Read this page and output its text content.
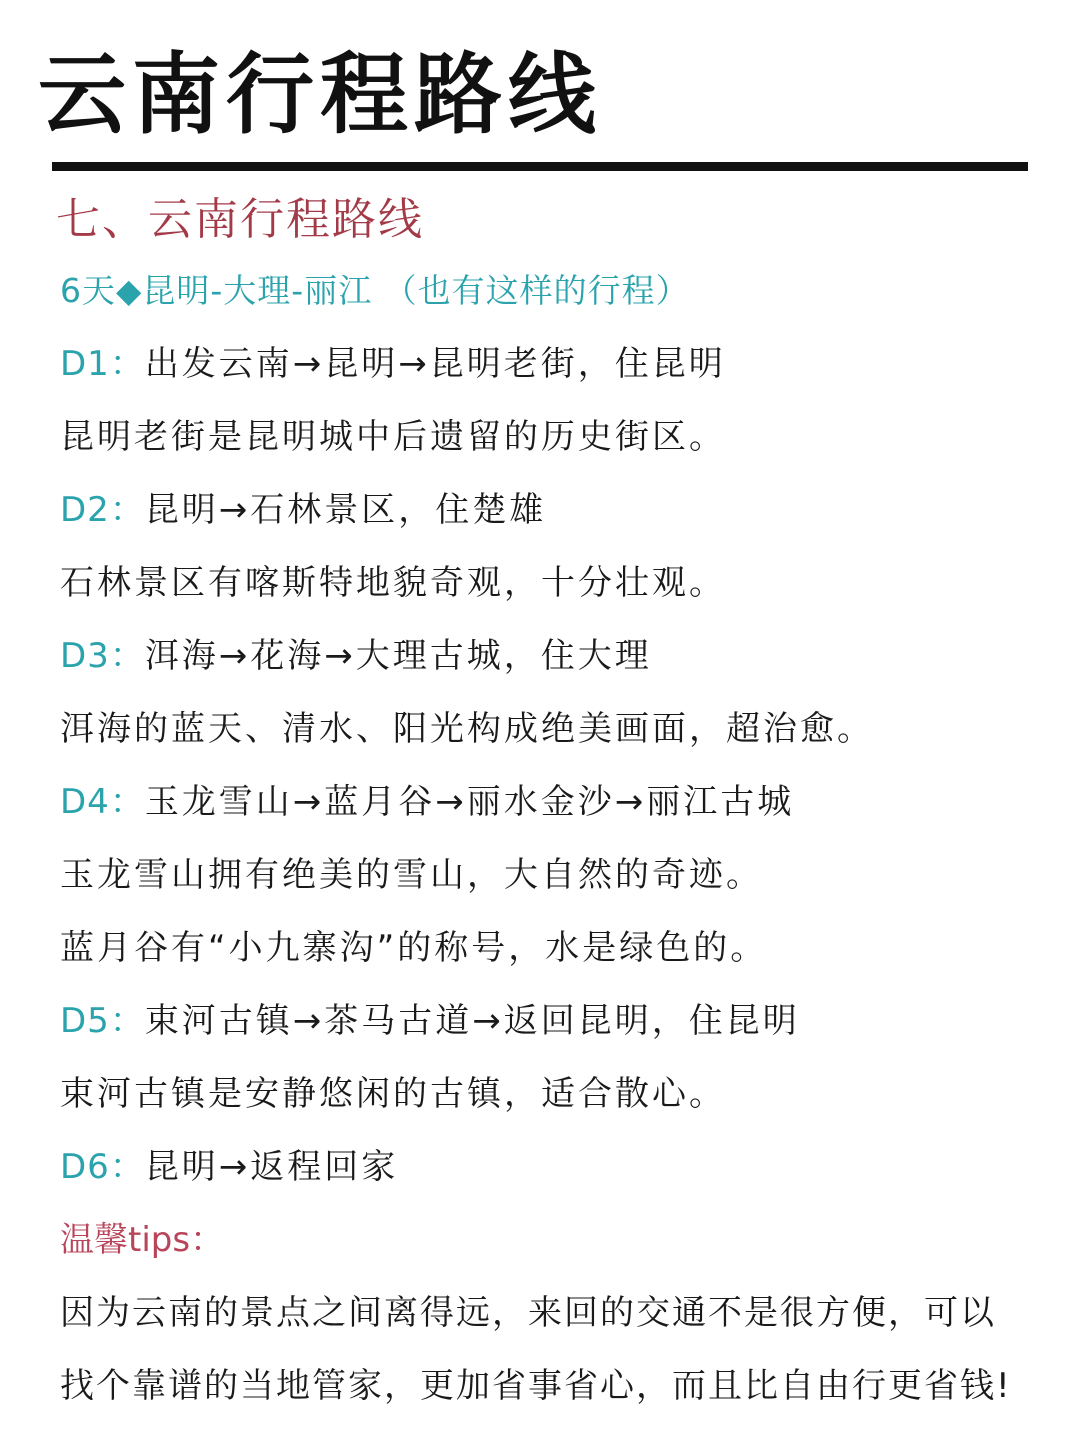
云南行程路线
七、云南行程路线
6天◆昆明-大理-丽江 （也有这样的行程）
D1：出发云南→昆明→昆明老街，住昆明
昆明老街是昆明城中后遗留的历史街区。
D2：昆明→石林景区，住楚雄
石林景区有喀斯特地貌奇观，十分壮观。
D3：洱海→花海→大理古城，住大理
洱海的蓝天、清水、阳光构成绝美画面，超治愈。
D4：玉龙雪山→蓝月谷→丽水金沙→丽江古城
玉龙雪山拥有绝美的雪山，大自然的奇迹。
蓝月谷有“小九寨沟”的称号，水是绿色的。
D5：束河古镇→茶马古道→返回昆明，住昆明
束河古镇是安静悠闲的古镇，适合散心。
D6：昆明→返程回家
温馨tips：
因为云南的景点之间离得远，来回的交通不是很方便，可以
找个靠谱的当地管家，更加省事省心，而且比自由行更省钱!
